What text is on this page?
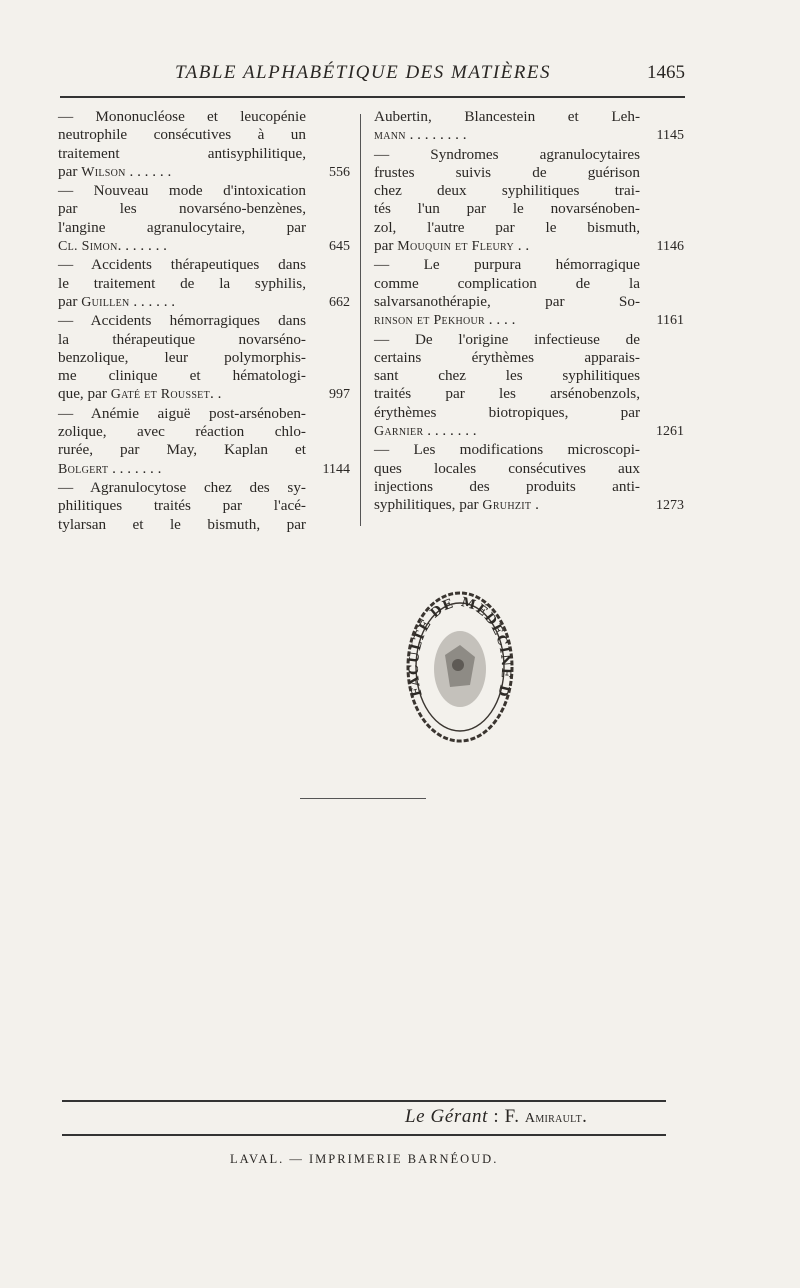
TABLE ALPHABÉTIQUE DES MATIÈRES	1465
— Mononucléose et leucopénie
neutrophile consécutives à un
traitement antisyphilitique,
par Wilson . . . . . .	556
— Nouveau mode d'intoxication
par les novarséno-benzènes,
l'angine agranulocytaire, par
Cl. Simon. . . . . . .	645
— Accidents thérapeutiques dans
le traitement de la syphilis,
par Guillen . . . . . .	662
— Accidents hémorragiques dans
la thérapeutique novarséno-
benzolique, leur polymorphis-
me clinique et hématologi-
que, par Gaté et Rousset. .	997
— Anémie aiguë post-arsénoben-
zolique, avec réaction chlo-
rurée, par May, Kaplan et
Bolgert . . . . . . .	1144
— Agranulocytose chez des sy-
philitiques traités par l'acé-
tylarsan et le bismuth, par
Aubertin, Blancestein et Leh-
mann . . . . . . . .	1145
— Syndromes agranulocytaires
frustes suivis de guérison
chez deux syphilitiques trai-
tés l'un par le novarsénoben-
zol, l'autre par le bismuth,
par Mouquin et Fleury . .	1146
— Le purpura hémorragique
comme complication de la
salvarsanothérapie, par So-
rinson et Pekhour . . . .	1161
— De l'origine infectieuse de
certains érythèmes apparais-
sant chez les syphilitiques
traités par les arsénobenzols,
érythèmes biotropiques, par
Garnier . . . . . . .	1261
— Les modifications microscopi-
ques locales consécutives aux
injections des produits anti-
syphilitiques, par Gruhzit .	1273
FACULTÉ DE MÉDECINE D
Le Gérant : F. Amirault.
LAVAL. — IMPRIMERIE BARNÉOUD.
